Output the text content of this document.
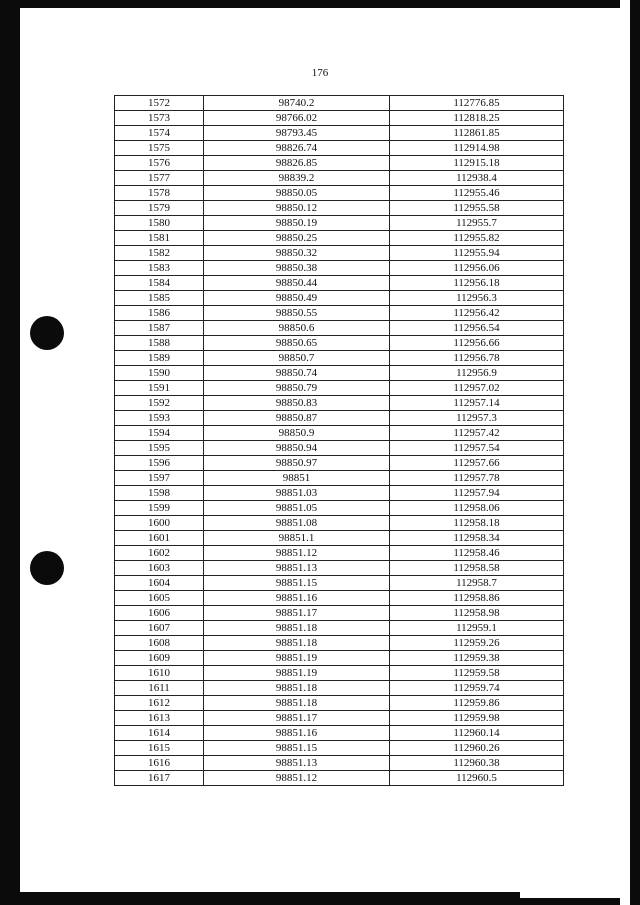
176
1572	98740.2	112776.85
1573	98766.02	112818.25
1574	98793.45	112861.85
1575	98826.74	112914.98
1576	98826.85	112915.18
1577	98839.2	112938.4
1578	98850.05	112955.46
1579	98850.12	112955.58
1580	98850.19	112955.7
1581	98850.25	112955.82
1582	98850.32	112955.94
1583	98850.38	112956.06
1584	98850.44	112956.18
1585	98850.49	112956.3
1586	98850.55	112956.42
1587	98850.6	112956.54
1588	98850.65	112956.66
1589	98850.7	112956.78
1590	98850.74	112956.9
1591	98850.79	112957.02
1592	98850.83	112957.14
1593	98850.87	112957.3
1594	98850.9	112957.42
1595	98850.94	112957.54
1596	98850.97	112957.66
1597	98851	112957.78
1598	98851.03	112957.94
1599	98851.05	112958.06
1600	98851.08	112958.18
1601	98851.1	112958.34
1602	98851.12	112958.46
1603	98851.13	112958.58
1604	98851.15	112958.7
1605	98851.16	112958.86
1606	98851.17	112958.98
1607	98851.18	112959.1
1608	98851.18	112959.26
1609	98851.19	112959.38
1610	98851.19	112959.58
1611	98851.18	112959.74
1612	98851.18	112959.86
1613	98851.17	112959.98
1614	98851.16	112960.14
1615	98851.15	112960.26
1616	98851.13	112960.38
1617	98851.12	112960.5
